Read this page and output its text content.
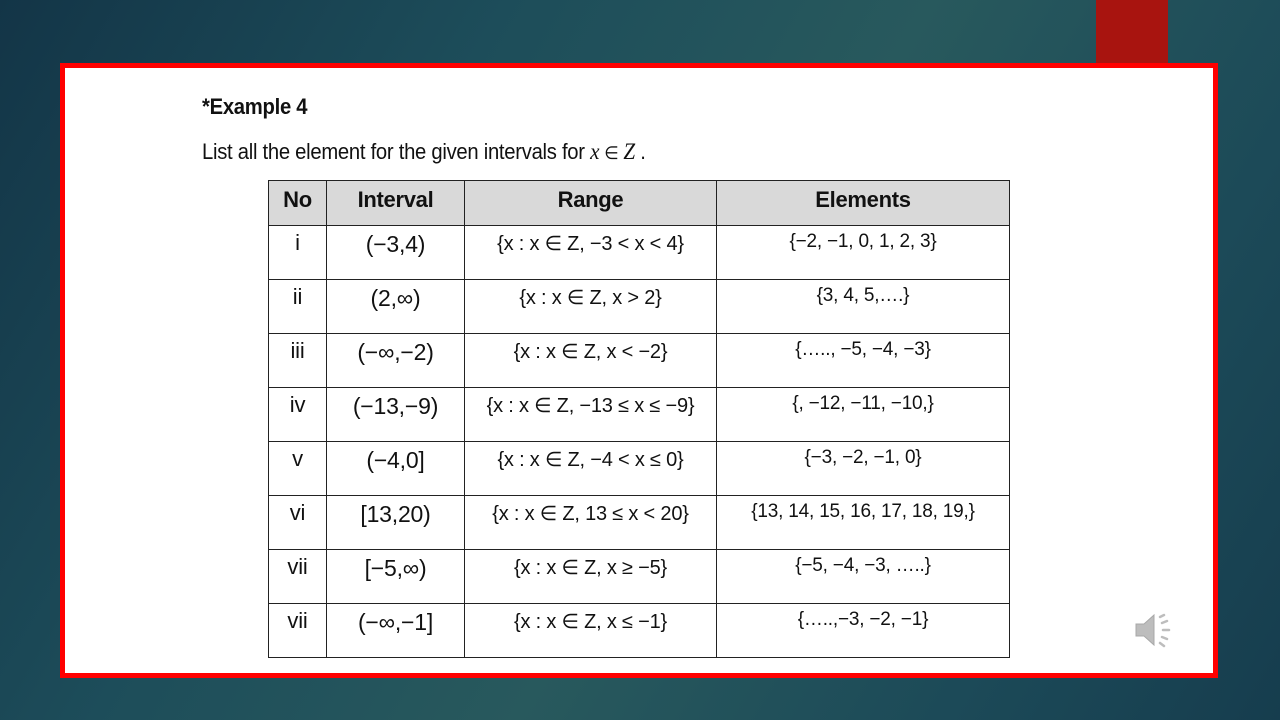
*Example 4
List all the element for the given intervals for x ∈ Z .
No	Interval	Range	Elements
i	(−3,4)	{x : x ∈ Z, −3 < x < 4}	{−2, −1, 0, 1, 2, 3}
ii	(2,∞)	{x : x ∈ Z, x > 2}	{3, 4, 5,….}
iii	(−∞,−2)	{x : x ∈ Z, x < −2}	{….., −5, −4, −3}
iv	(−13,−9)	{x : x ∈ Z, −13 ≤ x ≤ −9}	{, −12, −11, −10,}
v	(−4,0]	{x : x ∈ Z, −4 < x ≤ 0}	{−3, −2, −1, 0}
vi	[13,20)	{x : x ∈ Z, 13 ≤ x < 20}	{13, 14, 15, 16, 17, 18, 19,}
vii	[−5,∞)	{x : x ∈ Z, x ≥ −5}	{−5, −4, −3, …..}
vii	(−∞,−1]	{x : x ∈ Z, x ≤ −1}	{…..,−3, −2, −1}
